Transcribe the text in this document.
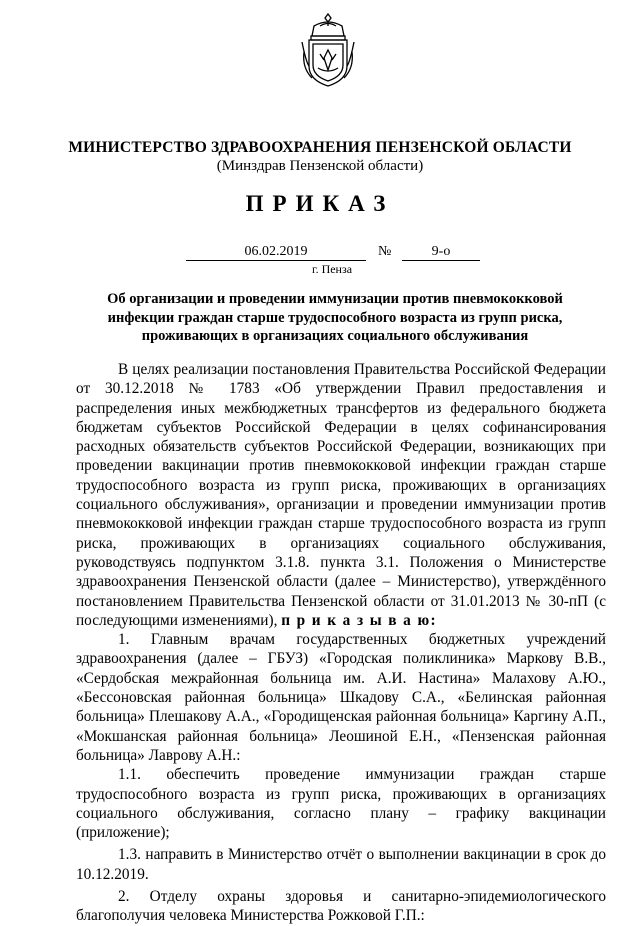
МИНИСТЕРСТВО ЗДРАВООХРАНЕНИЯ ПЕНЗЕНСКОЙ ОБЛАСТИ
(Минздрав Пензенской области)
ПРИКАЗ
06.02.2019	№	9-о
г. Пенза
Об организации и проведении иммунизации против пневмококковой инфекции граждан старше трудоспособного возраста из групп риска, проживающих в организациях социального обслуживания

В целях реализации постановления Правительства Российской Федерации от 30.12.2018 № 1783 «Об утверждении Правил предоставления и распределения иных межбюджетных трансфертов из федерального бюджета бюджетам субъектов Российской Федерации в целях софинансирования расходных обязательств субъектов Российской Федерации, возникающих при проведении вакцинации против пневмококковой инфекции граждан старше трудоспособного возраста из групп риска, проживающих в организациях социального обслуживания», организации и проведении иммунизации против пневмококковой инфекции граждан старше трудоспособного возраста из групп риска, проживающих в организациях социального обслуживания, руководствуясь подпунктом 3.1.8. пункта 3.1. Положения о Министерстве здравоохранения Пензенской области (далее – Министерство), утверждённого постановлением Правительства Пензенской области от 31.01.2013 № 30-пП (с последующими изменениями), п р и к а з ы в а ю:

1. Главным врачам государственных бюджетных учреждений здравоохранения (далее – ГБУЗ) «Городская поликлиника» Маркову В.В., «Сердобская межрайонная больница им. А.И. Настина» Малахову А.Ю., «Бессоновская районная больница» Шкадову С.А., «Белинская районная больница» Плешакову А.А., «Городищенская районная больница» Каргину А.П., «Мокшанская районная больница» Леошиной Е.Н., «Пензенская районная больница» Лаврову А.Н.:

1.1. обеспечить проведение иммунизации граждан старше трудоспособного возраста из групп риска, проживающих в организациях социального обслуживания, согласно плану – графику вакцинации (приложение);

1.3. направить в Министерство отчёт о выполнении вакцинации в срок до 10.12.2019.

2. Отделу охраны здоровья и санитарно-эпидемиологического благополучия человека Министерства Рожковой Г.П.:
